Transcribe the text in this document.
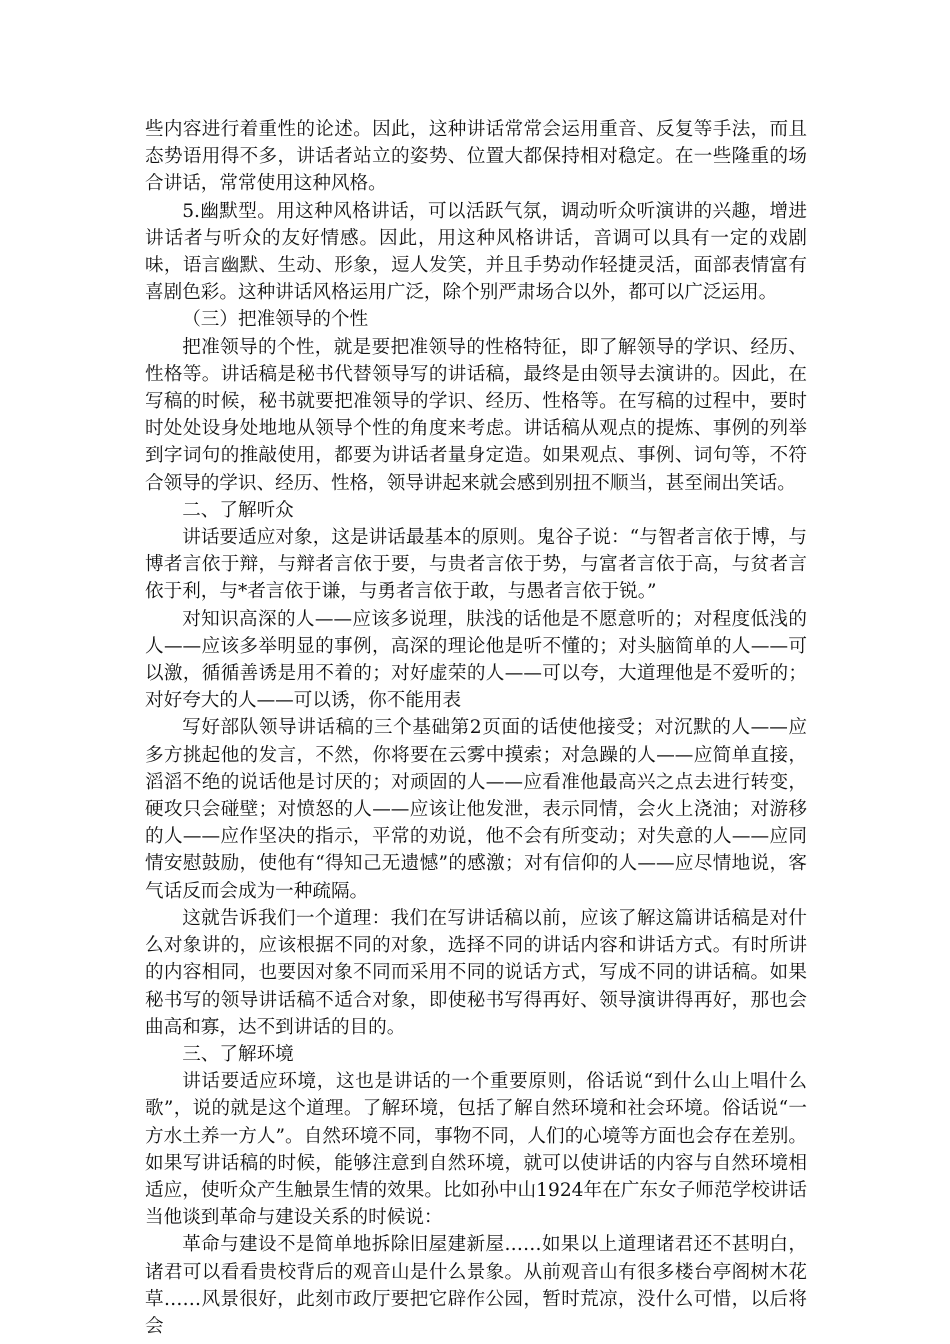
些内容进行着重性的论述。因此，这种讲话常常会运用重音、反复等手法，而且态势语用得不多，讲话者站立的姿势、位置大都保持相对稳定。在一些隆重的场合讲话，常常使用这种风格。

5.幽默型。用这种风格讲话，可以活跃气氛，调动听众听演讲的兴趣，增进讲话者与听众的友好情感。因此，用这种风格讲话，音调可以具有一定的戏剧味，语言幽默、生动、形象，逗人发笑，并且手势动作轻捷灵活，面部表情富有喜剧色彩。这种讲话风格运用广泛，除个别严肃场合以外，都可以广泛运用。

（三）把准领导的个性

把准领导的个性，就是要把准领导的性格特征，即了解领导的学识、经历、性格等。讲话稿是秘书代替领导写的讲话稿，最终是由领导去演讲的。因此，在写稿的时候，秘书就要把准领导的学识、经历、性格等。在写稿的过程中，要时时处处设身处地地从领导个性的角度来考虑。讲话稿从观点的提炼、事例的列举到字词句的推敲使用，都要为讲话者量身定造。如果观点、事例、词句等，不符合领导的学识、经历、性格，领导讲起来就会感到别扭不顺当，甚至闹出笑话。

二、了解听众

讲话要适应对象，这是讲话最基本的原则。鬼谷子说：“与智者言依于博，与博者言依于辩，与辩者言依于要，与贵者言依于势，与富者言依于高，与贫者言依于利，与*者言依于谦，与勇者言依于敢，与愚者言依于锐。”

对知识高深的人——应该多说理，肤浅的话他是不愿意听的；对程度低浅的人——应该多举明显的事例，高深的理论他是听不懂的；对头脑简单的人——可以激，循循善诱是用不着的；对好虚荣的人——可以夸，大道理他是不爱听的；对好夸大的人——可以诱，你不能用表

写好部队领导讲话稿的三个基础第2页面的话使他接受；对沉默的人——应多方挑起他的发言，不然，你将要在云雾中摸索；对急躁的人——应简单直接，滔滔不绝的说话他是讨厌的；对顽固的人——应看准他最高兴之点去进行转变，硬攻只会碰壁；对愤怒的人——应该让他发泄，表示同情，会火上浇油；对游移的人——应作坚决的指示，平常的劝说，他不会有所变动；对失意的人——应同情安慰鼓励，使他有“得知己无遗憾”的感激；对有信仰的人——应尽情地说，客气话反而会成为一种疏隔。

这就告诉我们一个道理：我们在写讲话稿以前，应该了解这篇讲话稿是对什么对象讲的，应该根据不同的对象，选择不同的讲话内容和讲话方式。有时所讲的内容相同，也要因对象不同而采用不同的说话方式，写成不同的讲话稿。如果秘书写的领导讲话稿不适合对象，即使秘书写得再好、领导演讲得再好，那也会曲高和寡，达不到讲话的目的。

三、了解环境

讲话要适应环境，这也是讲话的一个重要原则，俗话说“到什么山上唱什么歌”，说的就是这个道理。了解环境，包括了解自然环境和社会环境。俗话说“一方水土养一方人”。自然环境不同，事物不同，人们的心境等方面也会存在差别。如果写讲话稿的时候，能够注意到自然环境，就可以使讲话的内容与自然环境相适应，使听众产生触景生情的效果。比如孙中山1924年在广东女子师范学校讲话当他谈到革命与建设关系的时候说：

革命与建设不是简单地拆除旧屋建新屋……如果以上道理诸君还不甚明白，诸君可以看看贵校背后的观音山是什么景象。从前观音山有很多楼台亭阁树木花草……风景很好，此刻市政厅要把它辟作公园，暂时荒凉，没什么可惜，以后将会
